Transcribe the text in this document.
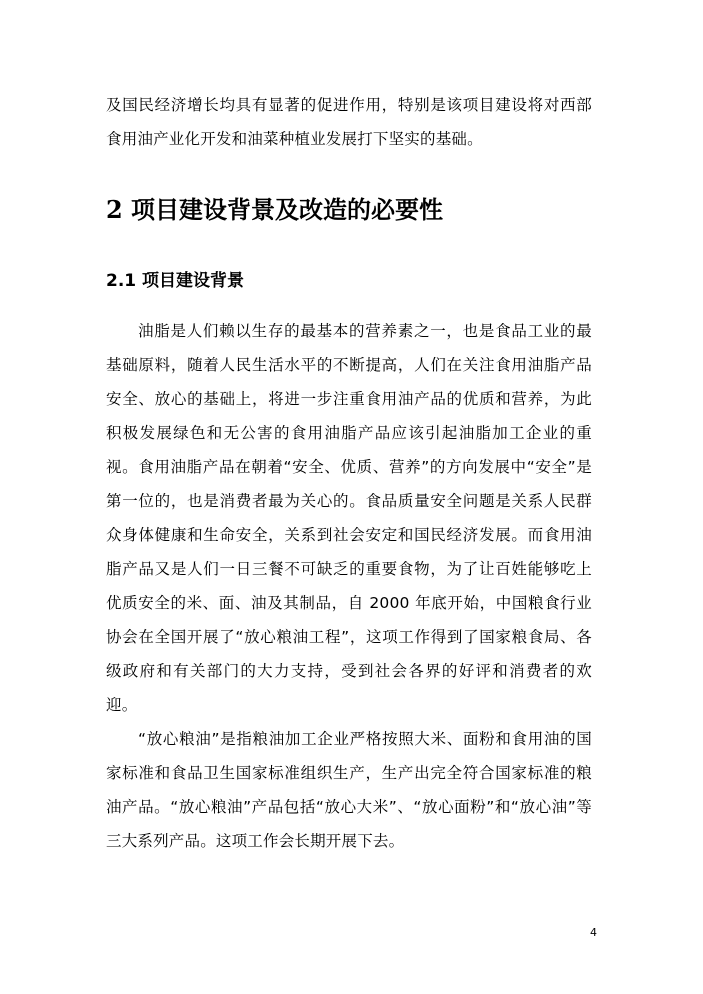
及国民经济增长均具有显著的促进作用，特别是该项目建设将对西部食用油产业化开发和油菜种植业发展打下坚实的基础。

2 项目建设背景及改造的必要性
2.1 项目建设背景

油脂是人们赖以生存的最基本的营养素之一，也是食品工业的最基础原料，随着人民生活水平的不断提高，人们在关注食用油脂产品安全、放心的基础上，将进一步注重食用油产品的优质和营养，为此积极发展绿色和无公害的食用油脂产品应该引起油脂加工企业的重视。食用油脂产品在朝着“安全、优质、营养”的方向发展中“安全”是第一位的，也是消费者最为关心的。食品质量安全问题是关系人民群众身体健康和生命安全，关系到社会安定和国民经济发展。而食用油脂产品又是人们一日三餐不可缺乏的重要食物，为了让百姓能够吃上优质安全的米、面、油及其制品，自 2000 年底开始，中国粮食行业协会在全国开展了“放心粮油工程”，这项工作得到了国家粮食局、各级政府和有关部门的大力支持，受到社会各界的好评和消费者的欢迎。

“放心粮油”是指粮油加工企业严格按照大米、面粉和食用油的国家标准和食品卫生国家标准组织生产，生产出完全符合国家标准的粮油产品。“放心粮油”产品包括“放心大米”、“放心面粉”和“放心油”等三大系列产品。这项工作会长期开展下去。

4
